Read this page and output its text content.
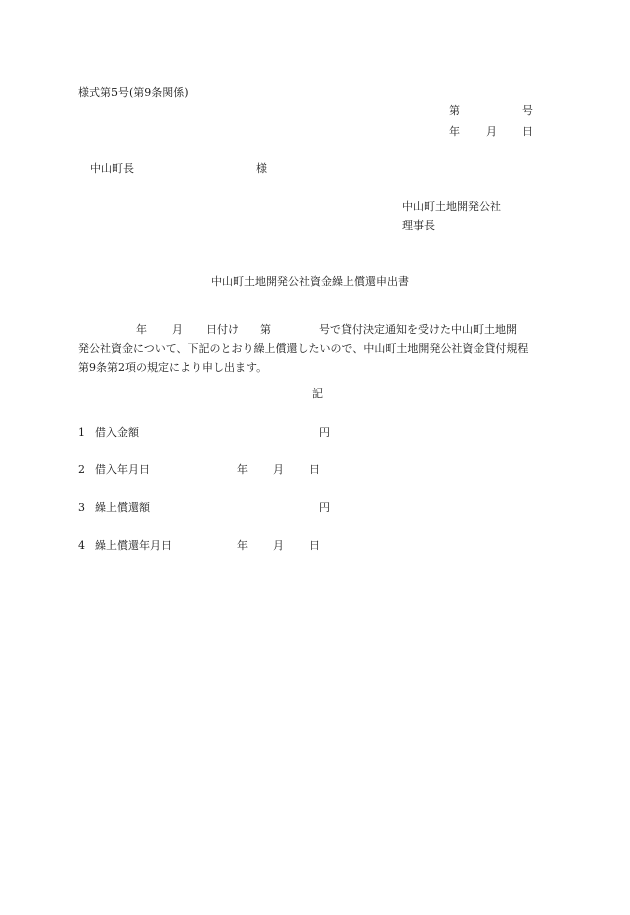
様式第5号(第9条関係)
第	号
年 月 日
中山町長	様
中山町土地開発公社
理事長
中山町土地開発公社資金繰上償還申出書
年 月 日付け 第	号で貸付決定通知を受けた中山町土地開
発公社資金について、下記のとおり繰上償還したいので、中山町土地開発公社資金貸付規程
第9条第2項の規定により申し出ます。
記
1 借入金額	円
2 借入年月日	年 月 日
3 繰上償還額	円
4 繰上償還年月日	年 月 日
